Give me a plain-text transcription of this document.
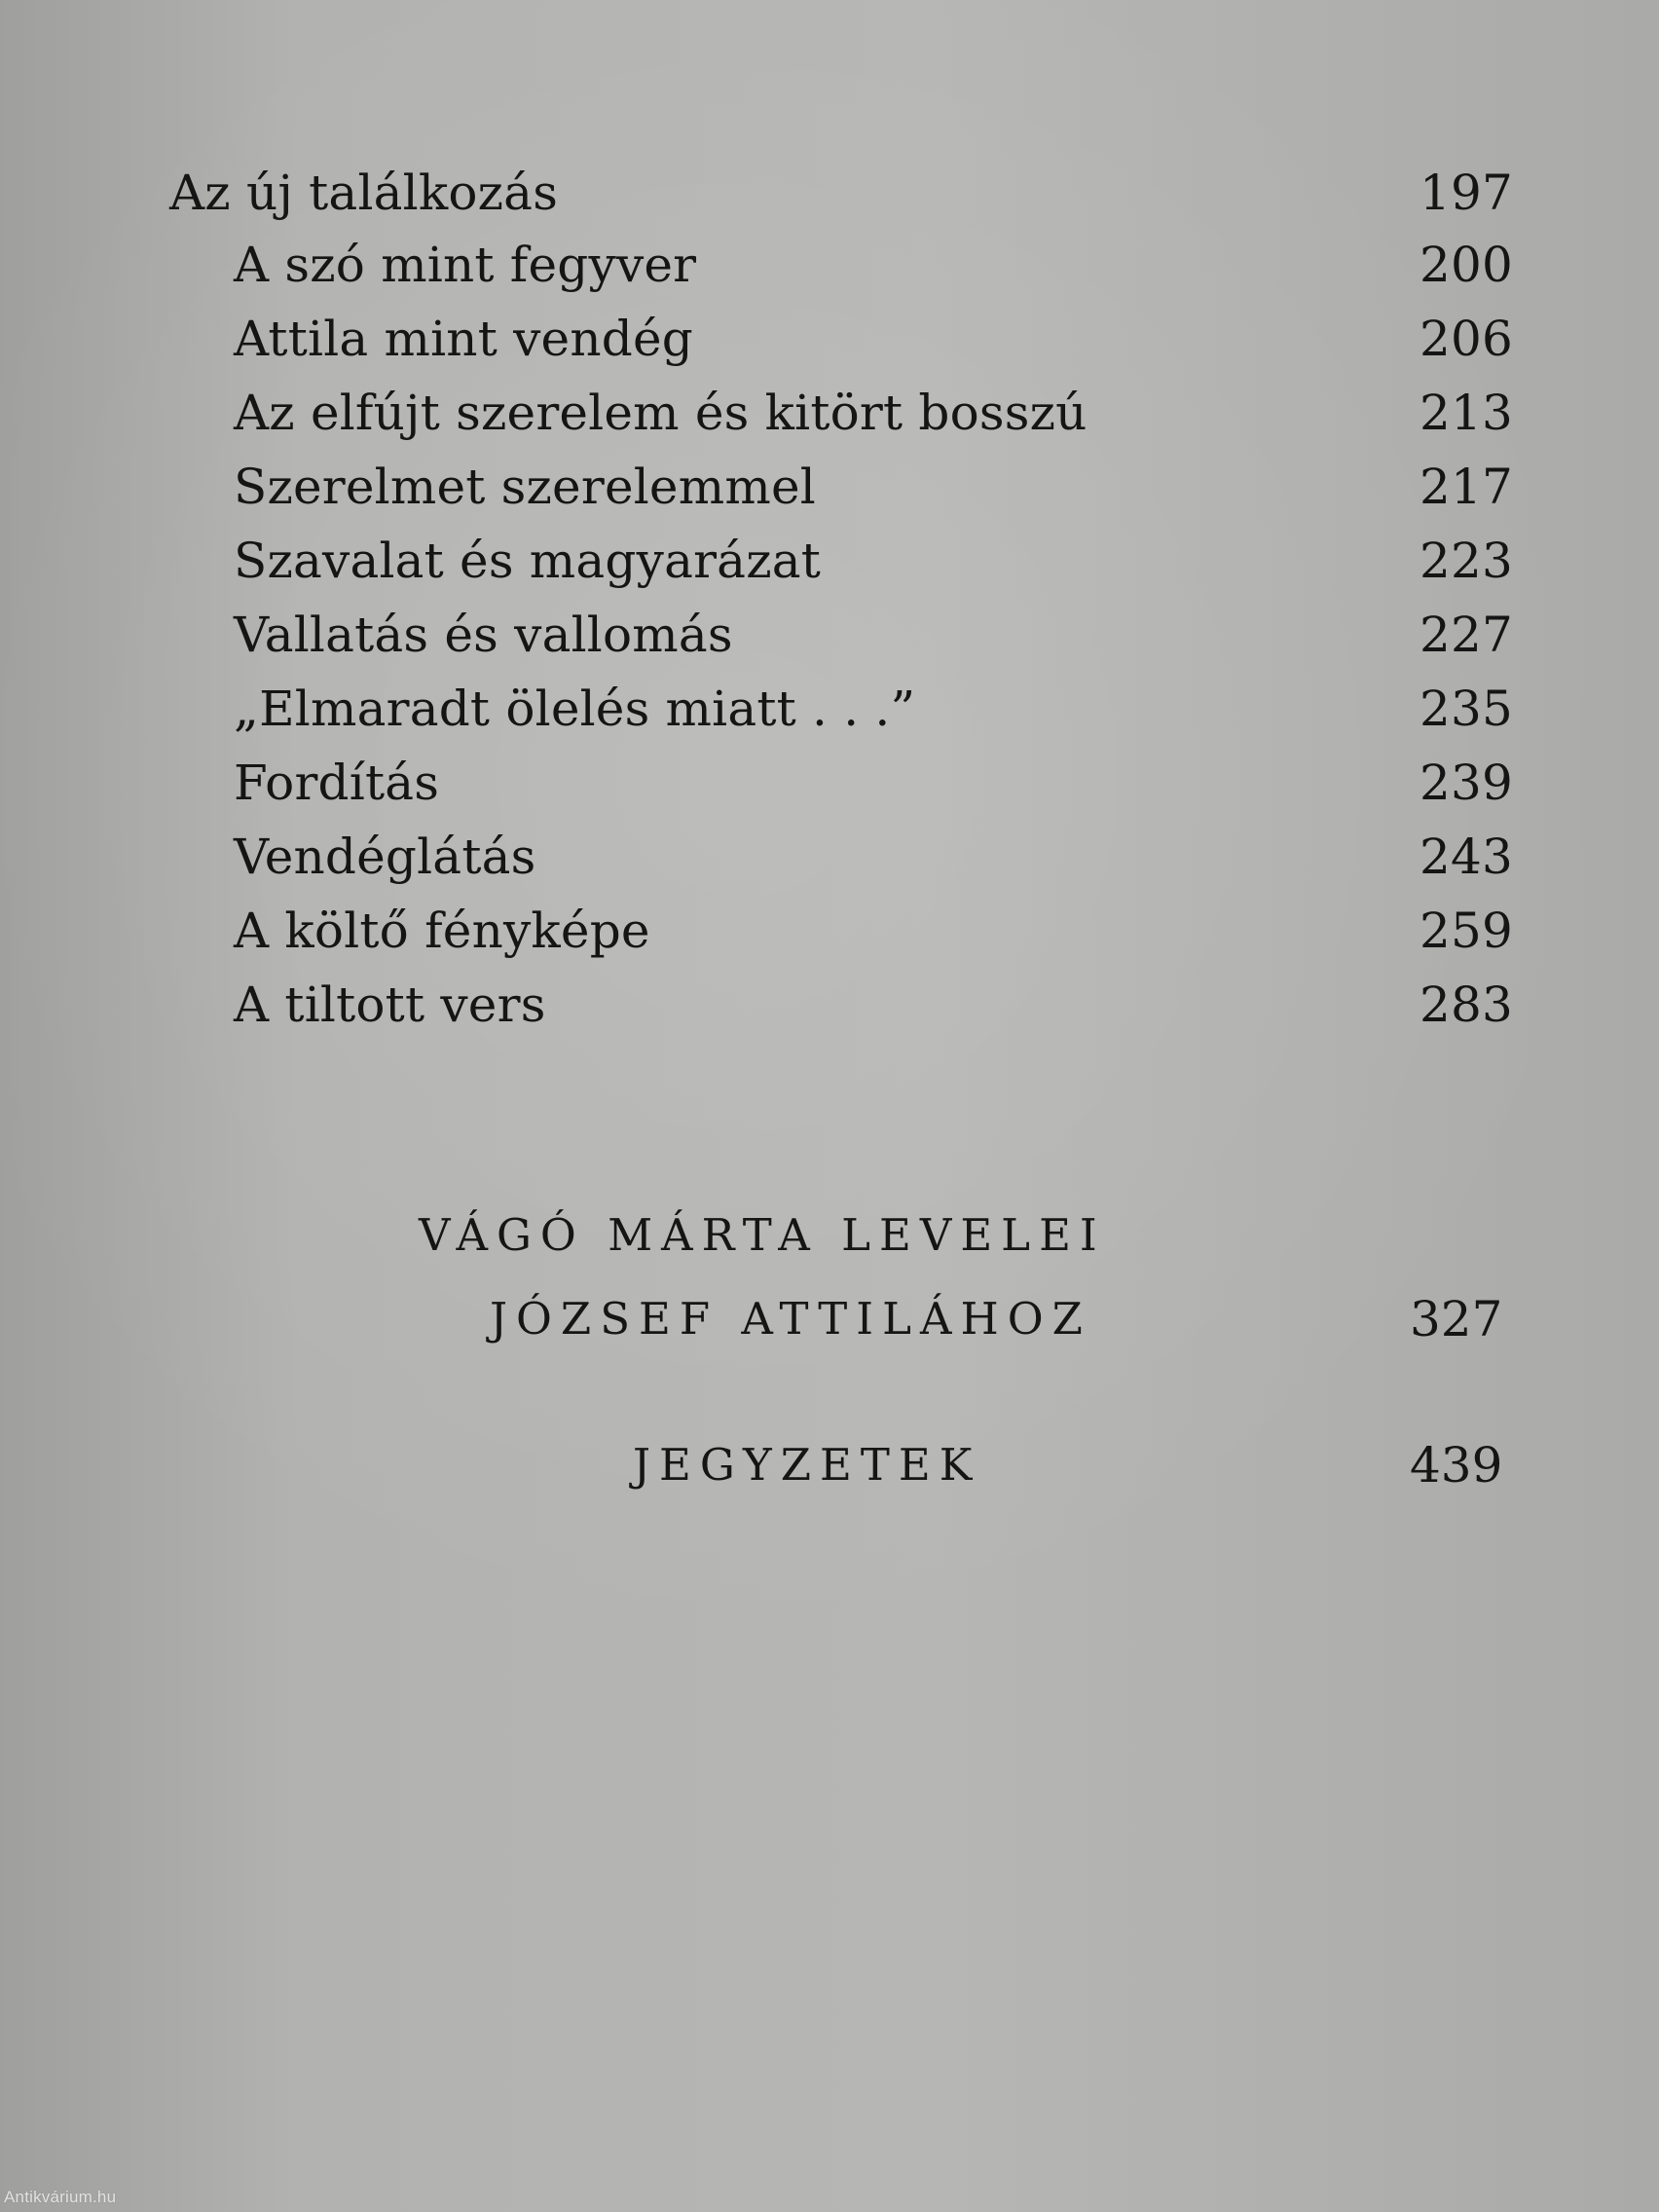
Az új találkozás	197
A szó mint fegyver	200
Attila mint vendég	206
Az elfújt szerelem és kitört bosszú	213
Szerelmet szerelemmel	217
Szavalat és magyarázat	223
Vallatás és vallomás	227
„Elmaradt ölelés miatt . . .”	235
Fordítás	239
Vendéglátás	243
A költő fényképe	259
A tiltott vers	283
VÁGÓ MÁRTA LEVELEI
JÓZSEF ATTILÁHOZ	327
JEGYZETEK	439
Antikvárium.hu
